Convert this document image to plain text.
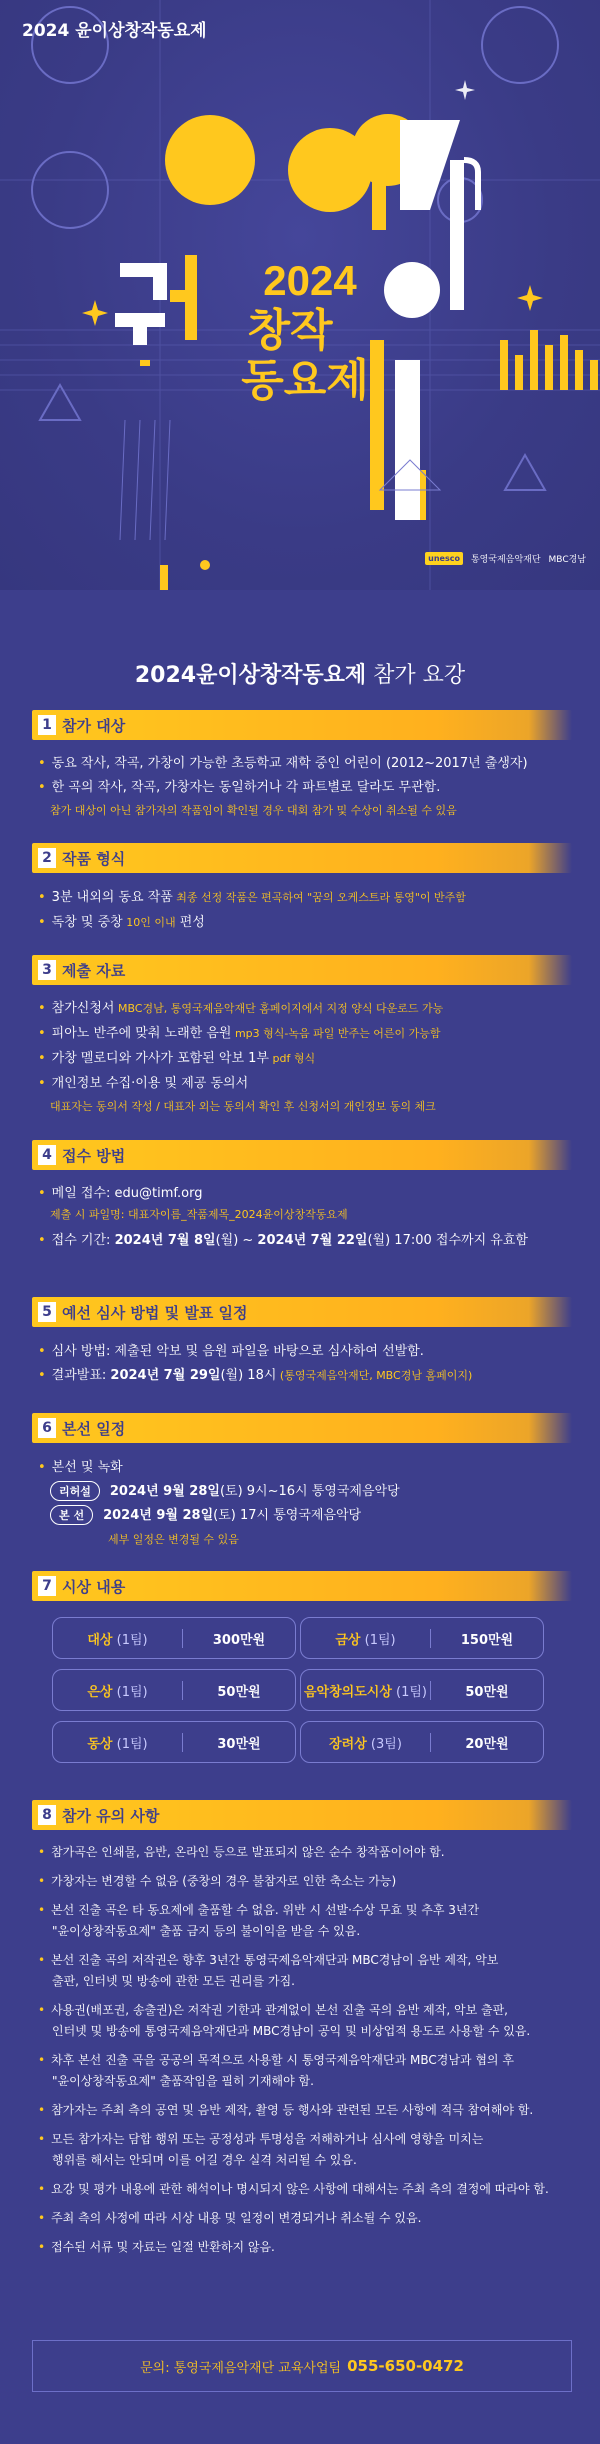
2024
창작
동요제
2024 윤이상창작동요제
unesco	통영국제음악재단 MBC경남
2024윤이상창작동요제 참가 요강
1 참가 대상
• 동요 작사, 작곡, 가창이 가능한 초등학교 재학 중인 어린이 (2012~2017년 출생자)
• 한 곡의 작사, 작곡, 가창자는 동일하거나 각 파트별로 달라도 무관함.
참가 대상이 아닌 참가자의 작품임이 확인될 경우 대회 참가 및 수상이 취소될 수 있음
2 작품 형식
• 3분 내외의 동요 작품 최종 선정 작품은 편곡하여 "꿈의 오케스트라 통영"이 반주함
• 독창 및 중창 10인 이내 편성
3 제출 자료
• 참가신청서 MBC경남, 통영국제음악재단 홈페이지에서 지정 양식 다운로드 가능
• 피아노 반주에 맞춰 노래한 음원 mp3 형식-녹음 파일 반주는 어른이 가능함
• 가창 멜로디와 가사가 포함된 악보 1부 pdf 형식
• 개인정보 수집·이용 및 제공 동의서
대표자는 동의서 작성 / 대표자 외는 동의서 확인 후 신청서의 개인정보 동의 체크
4 접수 방법
• 메일 접수: edu@timf.org
제출 시 파일명: 대표자이름_작품제목_2024윤이상창작동요제
• 접수 기간: 2024년 7월 8일(월) ~ 2024년 7월 22일(월) 17:00 접수까지 유효함
5 예선 심사 방법 및 발표 일정
• 심사 방법: 제출된 악보 및 음원 파일을 바탕으로 심사하여 선발함.
• 결과발표: 2024년 7월 29일(월) 18시 (통영국제음악재단, MBC경남 홈페이지)
6 본선 일정
• 본선 및 녹화
리허설 2024년 9월 28일(토) 9시~16시 통영국제음악당
본 선 2024년 9월 28일(토) 17시 통영국제음악당
세부 일정은 변경될 수 있음
7 시상 내용
대상 (1팀)	300만원	금상 (1팀)	150만원
은상 (1팀)	50만원	음악창의도시상 (1팀)	50만원
동상 (1팀)	30만원	장려상 (3팀)	20만원
8 참가 유의 사항
• 참가곡은 인쇄물, 음반, 온라인 등으로 발표되지 않은 순수 창작품이어야 함.
• 가창자는 변경할 수 없음 (중창의 경우 불참자로 인한 축소는 가능)
• 본선 진출 곡은 타 동요제에 출품할 수 없음. 위반 시 선발·수상 무효 및 추후 3년간
"윤이상창작동요제" 출품 금지 등의 불이익을 받을 수 있음.
• 본선 진출 곡의 저작권은 향후 3년간 통영국제음악재단과 MBC경남이 음반 제작, 악보
출판, 인터넷 및 방송에 관한 모든 권리를 가짐.
• 사용권(배포권, 송출권)은 저작권 기한과 관계없이 본선 진출 곡의 음반 제작, 악보 출판,
인터넷 및 방송에 통영국제음악재단과 MBC경남이 공익 및 비상업적 용도로 사용할 수 있음.
• 차후 본선 진출 곡을 공공의 목적으로 사용할 시 통영국제음악재단과 MBC경남과 협의 후
"윤이상창작동요제" 출품작임을 필히 기재해야 함.
• 참가자는 주최 측의 공연 및 음반 제작, 촬영 등 행사와 관련된 모든 사항에 적극 참여해야 함.
• 모든 참가자는 담합 행위 또는 공정성과 투명성을 저해하거나 심사에 영향을 미치는
행위를 해서는 안되며 이를 어길 경우 실격 처리될 수 있음.
• 요강 및 평가 내용에 관한 해석이나 명시되지 않은 사항에 대해서는 주최 측의 결정에 따라야 함.
• 주최 측의 사정에 따라 시상 내용 및 일정이 변경되거나 취소될 수 있음.
• 접수된 서류 및 자료는 일절 반환하지 않음.
문의: 통영국제음악재단 교육사업팀 055-650-0472
